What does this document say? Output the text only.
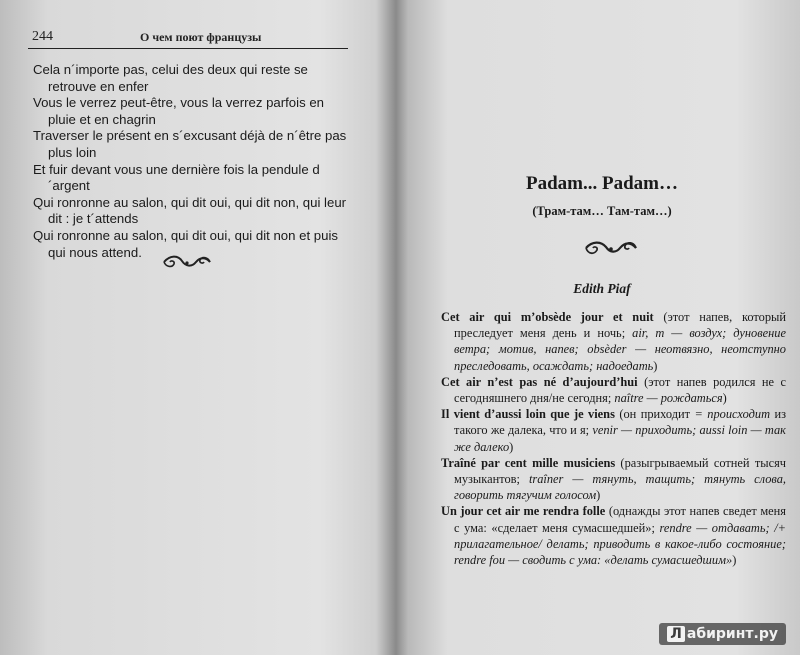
244	О чем поют французы
Cela n´importe pas, celui des deux qui reste se retrouve en enfer
Vous le verrez peut-être, vous la verrez parfois en pluie et en chagrin
Traverser le présent en s´excusant déjà de n´être pas plus loin
Et fuir devant vous une dernière fois la pendule d´argent
Qui ronronne au salon, qui dit oui, qui dit non, qui leur dit : je t´attends
Qui ronronne au salon, qui dit oui, qui dit non et puis qui nous attend.
Padam... Padam…
(Трам-там… Там-там…)
Edith Piaf
Cet air qui m’obsède jour et nuit (этот напев, который преследует меня день и ночь; air, m — воздух; дуновение ветра; мотив, напев; obsèder — неотвязно, неотступно преследовать, осаждать; надоедать)
Cet air n’est pas né d’aujourd’hui (этот напев родился не с сегодняшнего дня/не сегодня; naître — рождаться)
Il vient d’aussi loin que je viens (он приходит = происходит из такого же далека, что и я; venir — приходить; aussi loin — так же далеко)
Traîné par cent mille musiciens (разыгрываемый сотней тысяч музыкантов; traîner — тянуть, тащить; тянуть слова, говорить тягучим голосом)
Un jour cet air me rendra folle (однажды этот напев сведет меня с ума: «сделает меня сумасшедшей»; rendre — отдавать; /+ прилагательное/ делать; приводить в какое-либо состояние; rendre fou — сводить с ума: «делать сумасшедшим»)
Л абиринт.ру
